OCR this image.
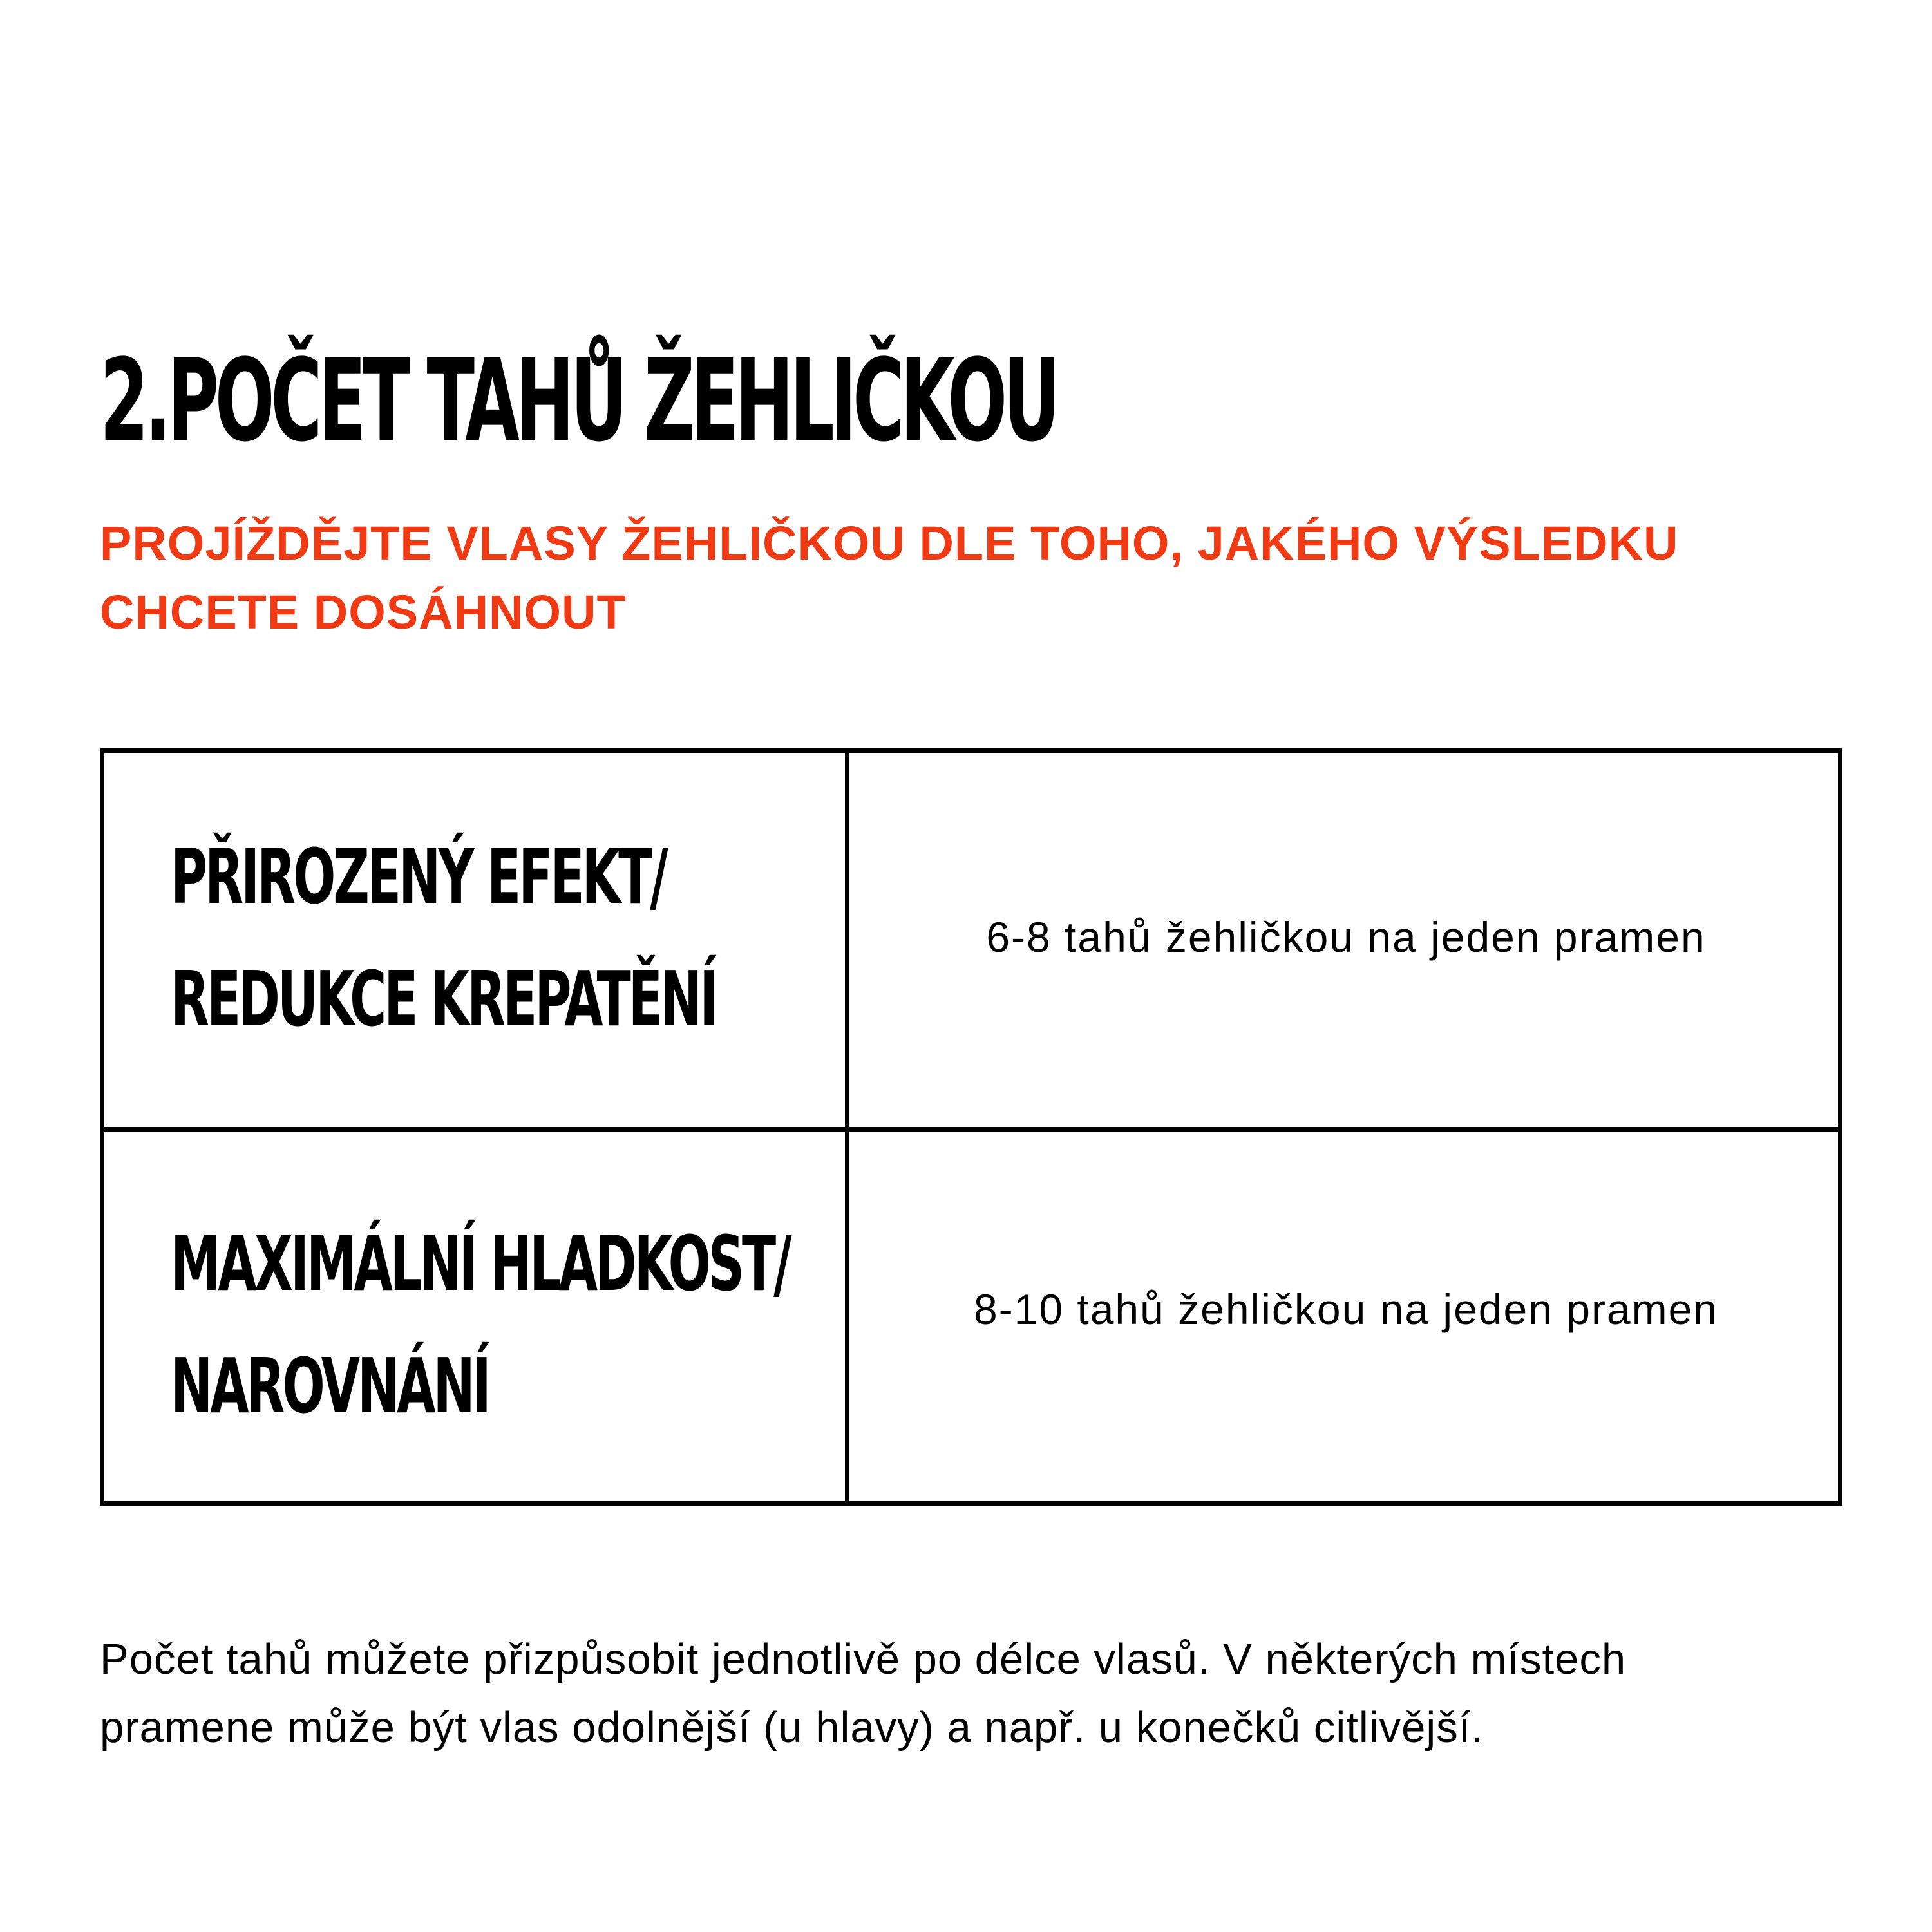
2.POČET TAHŮ ŽEHLIČKOU

PROJÍŽDĚJTE VLASY ŽEHLIČKOU DLE TOHO, JAKÉHO VÝSLEDKU
CHCETE DOSÁHNOUT

PŘIROZENÝ EFEKT/
REDUKCE KREPATĚNÍ

6-8 tahů žehličkou na jeden pramen

MAXIMÁLNÍ HLADKOST/
NAROVNÁNÍ

8-10 tahů žehličkou na jeden pramen

Počet tahů můžete přizpůsobit jednotlivě po délce vlasů. V některých místech
pramene může být vlas odolnější (u hlavy) a např. u konečků citlivější.
